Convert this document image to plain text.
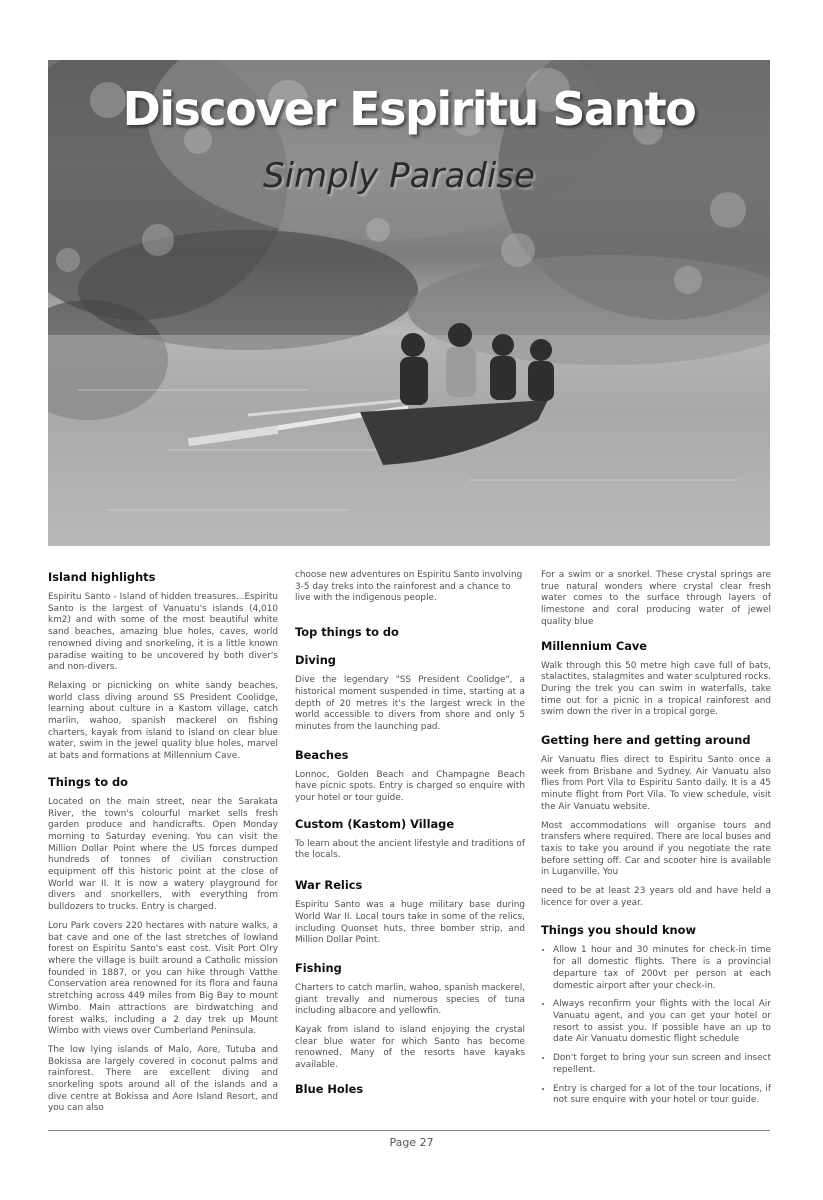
Discover Espiritu Santo
Simply Paradise
Island highlights

Espiritu Santo - Island of hidden treasures...Espiritu Santo is the largest of Vanuatu's islands (4,010 km2) and with some of the most beautiful white sand beaches, amazing blue holes, caves, world renowned diving and snorkeling, it is a little known paradise waiting to be uncovered by both diver's and non-divers.

Relaxing or picnicking on white sandy beaches, world class diving around SS President Coolidge, learning about culture in a Kastom village, catch marlin, wahoo, spanish mackerel on fishing charters, kayak from island to island on clear blue water, swim in the jewel quality blue holes, marvel at bats and formations at Millennium Cave.

Things to do

Located on the main street, near the Sarakata River, the town's colourful market sells fresh garden produce and handicrafts. Open Monday morning to Saturday evening. You can visit the Million Dollar Point where the US forces dumped hundreds of tonnes of civilian construction equipment off this historic point at the close of World war II. It is now a watery playground for divers and snorkellers, with everything from bulldozers to trucks. Entry is charged.

Loru Park covers 220 hectares with nature walks, a bat cave and one of the last stretches of lowland forest on Espiritu Santo's east cost. Visit Port Olry where the village is built around a Catholic mission founded in 1887, or you can hike through Vatthe Conservation area renowned for its flora and fauna stretching across 449 miles from Big Bay to mount Wimbo. Main attractions are birdwatching and forest walks, including a 2 day trek up Mount Wimbo with views over Cumberland Peninsula.

The low lying islands of Malo, Aore, Tutuba and Bokissa are largely covered in coconut palms and rainforest. There are excellent diving and snorkeling spots around all of the islands and a dive centre at Bokissa and Aore Island Resort, and you can also

choose new adventures on Espiritu Santo involving 3-5 day treks into the rainforest and a chance to live with the indigenous people.

Top things to do
Diving

Dive the legendary "SS President Coolidge", a historical moment suspended in time, starting at a depth of 20 metres it's the largest wreck in the world accessible to divers from shore and only 5 minutes from the launching pad.

Beaches

Lonnoc, Golden Beach and Champagne Beach have picnic spots. Entry is charged so enquire with your hotel or tour guide.

Custom (Kastom) Village

To learn about the ancient lifestyle and traditions of the locals.

War Relics

Espiritu Santo was a huge military base during World War II. Local tours take in some of the relics, including Quonset huts, three bomber strip, and Million Dollar Point.

Fishing

Charters to catch marlin, wahoo, spanish mackerel, giant trevally and numerous species of tuna including albacore and yellowfin.

Kayak from island to island enjoying the crystal clear blue water for which Santo has become renowned. Many of the resorts have kayaks available.

Blue Holes

For a swim or a snorkel. These crystal springs are true natural wonders where crystal clear fresh water comes to the surface through layers of limestone and coral producing water of jewel quality blue

Millennium Cave

Walk through this 50 metre high cave full of bats, stalactites, stalagmites and water sculptured rocks. During the trek you can swim in waterfalls, take time out for a picnic in a tropical rainforest and swim down the river in a tropical gorge.

Getting here and getting around

Air Vanuatu flies direct to Espiritu Santo once a week from Brisbane and Sydney. Air Vanuatu also flies from Port Vila to Espiritu Santo daily. It is a 45 minute flight from Port Vila. To view schedule, visit the Air Vanuatu website.

Most accommodations will organise tours and transfers where required. There are local buses and taxis to take you around if you negotiate the rate before setting off. Car and scooter hire is available in Luganville. You

need to be at least 23 years old and have held a licence for over a year.

Things you should know
• Allow 1 hour and 30 minutes for check-in time for all domestic flights. There is a provincial departure tax of 200vt per person at each domestic airport after your check-in.
• Always reconfirm your flights with the local Air Vanuatu agent, and you can get your hotel or resort to assist you. If possible have an up to date Air Vanuatu domestic flight schedule
• Don't forget to bring your sun screen and insect repellent.
• Entry is charged for a lot of the tour locations, if not sure enquire with your hotel or tour guide.
Page 27
